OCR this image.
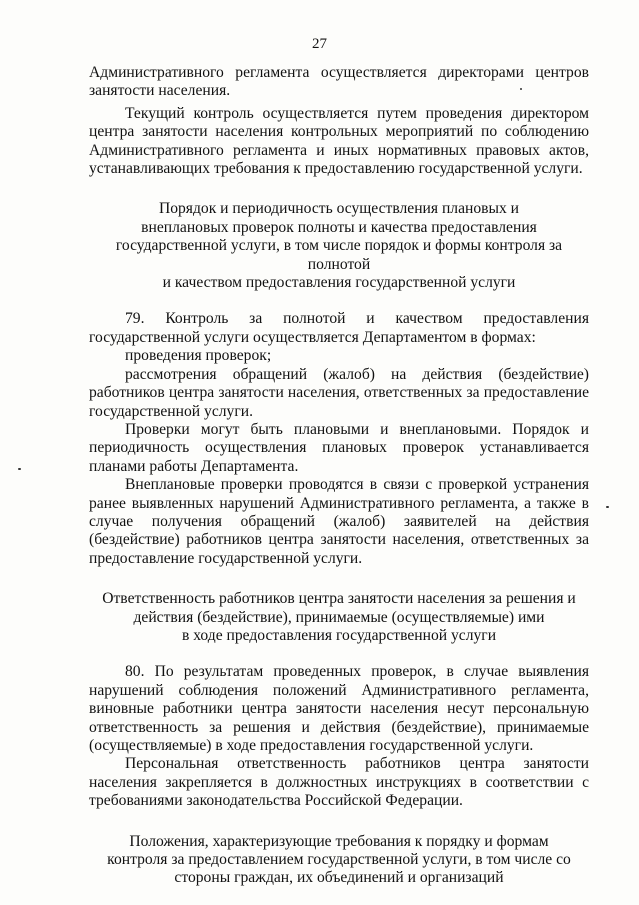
27

Административного регламента осуществляется директорами центров занятости населения.

Текущий контроль осуществляется путем проведения директором центра занятости населения контрольных мероприятий по соблюдению Административного регламента и иных нормативных правовых актов, устанавливающих требования к предоставлению государственной услуги.

Порядок и периодичность осуществления плановых и
внеплановых проверок полноты и качества предоставления
государственной услуги, в том числе порядок и формы контроля за полнотой
и качеством предоставления государственной услуги

79. Контроль за полнотой и качеством предоставления государственной услуги осуществляется Департаментом в формах:

проведения проверок;

рассмотрения обращений (жалоб) на действия (бездействие) работников центра занятости населения, ответственных за предоставление государственной услуги.

Проверки могут быть плановыми и внеплановыми. Порядок и периодичность осуществления плановых проверок устанавливается планами работы Департамента.

Внеплановые проверки проводятся в связи с проверкой устранения ранее выявленных нарушений Административного регламента, а также в случае получения обращений (жалоб) заявителей на действия (бездействие) работников центра занятости населения, ответственных за предоставление государственной услуги.

Ответственность работников центра занятости населения за решения и
действия (бездействие), принимаемые (осуществляемые) ими
в ходе предоставления государственной услуги

80. По результатам проведенных проверок, в случае выявления нарушений соблюдения положений Административного регламента, виновные работники центра занятости населения несут персональную ответственность за решения и действия (бездействие), принимаемые (осуществляемые) в ходе предоставления государственной услуги.

Персональная ответственность работников центра занятости населения закрепляется в должностных инструкциях в соответствии с требованиями законодательства Российской Федерации.

Положения, характеризующие требования к порядку и формам
контроля за предоставлением государственной услуги, в том числе со
стороны граждан, их объединений и организаций
